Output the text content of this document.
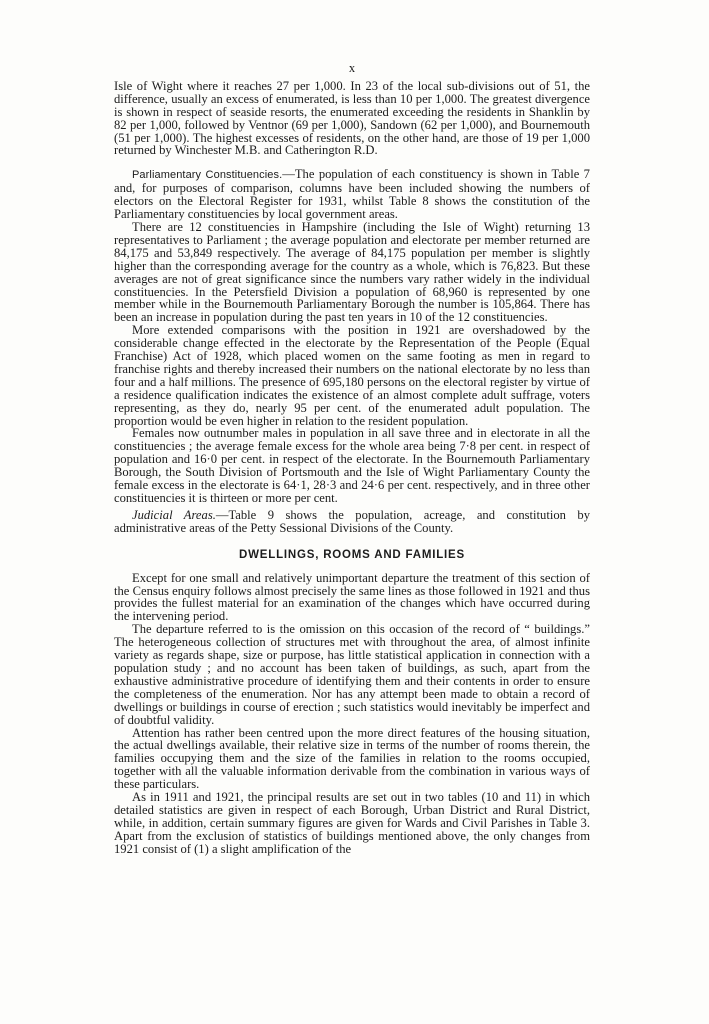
x

Isle of Wight where it reaches 27 per 1,000. In 23 of the local sub-divisions out of 51, the difference, usually an excess of enumerated, is less than 10 per 1,000. The greatest divergence is shown in respect of seaside resorts, the enumerated exceeding the residents in Shanklin by 82 per 1,000, followed by Ventnor (69 per 1,000), Sandown (62 per 1,000), and Bournemouth (51 per 1,000). The highest excesses of residents, on the other hand, are those of 19 per 1,000 returned by Winchester M.B. and Catherington R.D.

Parliamentary Constituencies.—The population of each constituency is shown in Table 7 and, for purposes of comparison, columns have been included showing the numbers of electors on the Electoral Register for 1931, whilst Table 8 shows the constitution of the Parliamentary constituencies by local government areas.

There are 12 constituencies in Hampshire (including the Isle of Wight) returning 13 representatives to Parliament ; the average population and electorate per member returned are 84,175 and 53,849 respectively. The average of 84,175 population per member is slightly higher than the corresponding average for the country as a whole, which is 76,823. But these averages are not of great significance since the numbers vary rather widely in the individual constituencies. In the Petersfield Division a population of 68,960 is represented by one member while in the Bournemouth Parliamentary Borough the number is 105,864. There has been an increase in population during the past ten years in 10 of the 12 constituencies.

More extended comparisons with the position in 1921 are overshadowed by the considerable change effected in the electorate by the Representation of the People (Equal Franchise) Act of 1928, which placed women on the same footing as men in regard to franchise rights and thereby increased their numbers on the national electorate by no less than four and a half millions. The presence of 695,180 persons on the electoral register by virtue of a residence qualification indicates the existence of an almost complete adult suffrage, voters representing, as they do, nearly 95 per cent. of the enumerated adult population. The proportion would be even higher in relation to the resident population.

Females now outnumber males in population in all save three and in electorate in all the constituencies ; the average female excess for the whole area being 7·8 per cent. in respect of population and 16·0 per cent. in respect of the electorate. In the Bournemouth Parliamentary Borough, the South Division of Portsmouth and the Isle of Wight Parliamentary County the female excess in the electorate is 64·1, 28·3 and 24·6 per cent. respectively, and in three other constituencies it is thirteen or more per cent.

Judicial Areas.—Table 9 shows the population, acreage, and constitution by administrative areas of the Petty Sessional Divisions of the County.

DWELLINGS, ROOMS AND FAMILIES

Except for one small and relatively unimportant departure the treatment of this section of the Census enquiry follows almost precisely the same lines as those followed in 1921 and thus provides the fullest material for an examination of the changes which have occurred during the intervening period.

The departure referred to is the omission on this occasion of the record of “ buildings.” The heterogeneous collection of structures met with throughout the area, of almost infinite variety as regards shape, size or purpose, has little statistical application in connection with a population study ; and no account has been taken of buildings, as such, apart from the exhaustive administrative procedure of identifying them and their contents in order to ensure the completeness of the enumeration. Nor has any attempt been made to obtain a record of dwellings or buildings in course of erection ; such statistics would inevitably be imperfect and of doubtful validity.

Attention has rather been centred upon the more direct features of the housing situation, the actual dwellings available, their relative size in terms of the number of rooms therein, the families occupying them and the size of the families in relation to the rooms occupied, together with all the valuable information derivable from the combination in various ways of these particulars.

As in 1911 and 1921, the principal results are set out in two tables (10 and 11) in which detailed statistics are given in respect of each Borough, Urban District and Rural District, while, in addition, certain summary figures are given for Wards and Civil Parishes in Table 3. Apart from the exclusion of statistics of buildings mentioned above, the only changes from 1921 consist of (1) a slight amplification of the
